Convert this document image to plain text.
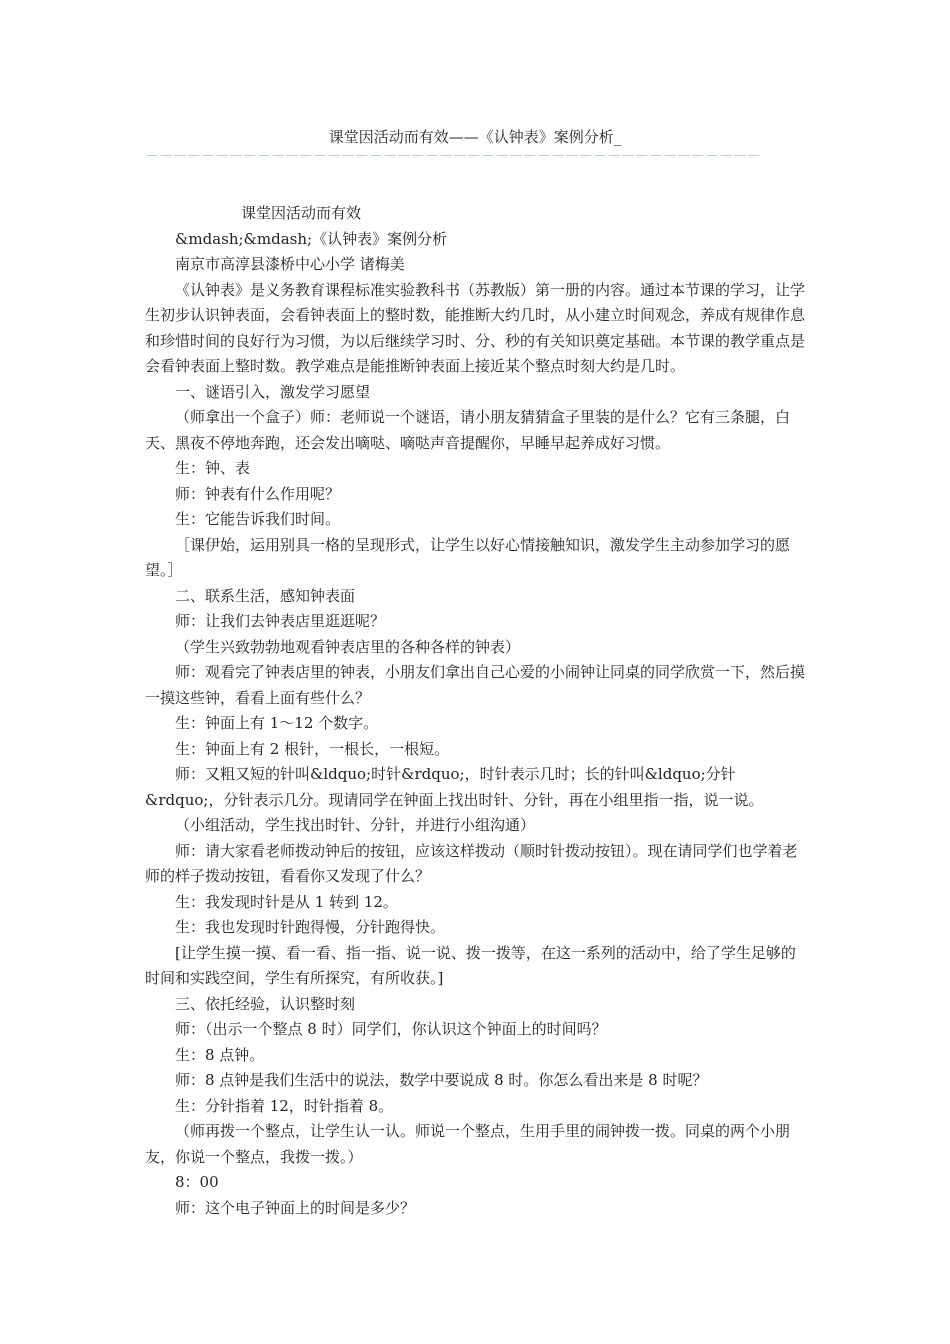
课堂因活动而有效——《认钟表》案例分析_
－－－－－－－－－－－－－－－－－－－－－－－－－－－－－－－－－－－－－－－－－－－－

课堂因活动而有效

&mdash;&mdash;《认钟表》案例分析

南京市高淳县漆桥中心小学 诸梅美

《认钟表》是义务教育课程标准实验教科书（苏教版）第一册的内容。通过本节课的学习，让学生初步认识钟表面，会看钟表面上的整时数，能推断大约几时，从小建立时间观念，养成有规律作息和珍惜时间的良好行为习惯，为以后继续学习时、分、秒的有关知识奠定基础。本节课的教学重点是会看钟表面上整时数。教学难点是能推断钟表面上接近某个整点时刻大约是几时。

一、谜语引入，激发学习愿望

（师拿出一个盒子）师：老师说一个谜语，请小朋友猜猜盒子里装的是什么？它有三条腿，白天、黑夜不停地奔跑，还会发出嘀哒、嘀哒声音提醒你，早睡早起养成好习惯。

生：钟、表

师：钟表有什么作用呢？

生：它能告诉我们时间。

［课伊始，运用别具一格的呈现形式，让学生以好心情接触知识，激发学生主动参加学习的愿望。］

二、联系生活，感知钟表面

师：让我们去钟表店里逛逛呢？

（学生兴致勃勃地观看钟表店里的各种各样的钟表）

师：观看完了钟表店里的钟表，小朋友们拿出自己心爱的小闹钟让同桌的同学欣赏一下，然后摸一摸这些钟，看看上面有些什么？

生：钟面上有 1～12 个数字。

生：钟面上有 2 根针，一根长，一根短。

师：又粗又短的针叫&ldquo;时针&rdquo;，时针表示几时；长的针叫&ldquo;分针&rdquo;，分针表示几分。现请同学在钟面上找出时针、分针，再在小组里指一指，说一说。

（小组活动，学生找出时针、分针，并进行小组沟通）

师：请大家看老师拨动钟后的按钮，应该这样拨动（顺时针拨动按钮）。现在请同学们也学着老师的样子拨动按钮，看看你又发现了什么？

生：我发现时针是从 1 转到 12。

生：我也发现时针跑得慢，分针跑得快。

[让学生摸一摸、看一看、指一指、说一说、拨一拨等，在这一系列的活动中，给了学生足够的时间和实践空间，学生有所探究，有所收获。]

三、依托经验，认识整时刻

师：（出示一个整点 8 时）同学们，你认识这个钟面上的时间吗？

生：8 点钟。

师：8 点钟是我们生活中的说法，数学中要说成 8 时。你怎么看出来是 8 时呢？

生：分针指着 12，时针指着 8。

（师再拨一个整点，让学生认一认。师说一个整点，生用手里的闹钟拨一拨。同桌的两个小朋友，你说一个整点，我拨一拨。）

8：00

师：这个电子钟面上的时间是多少？
